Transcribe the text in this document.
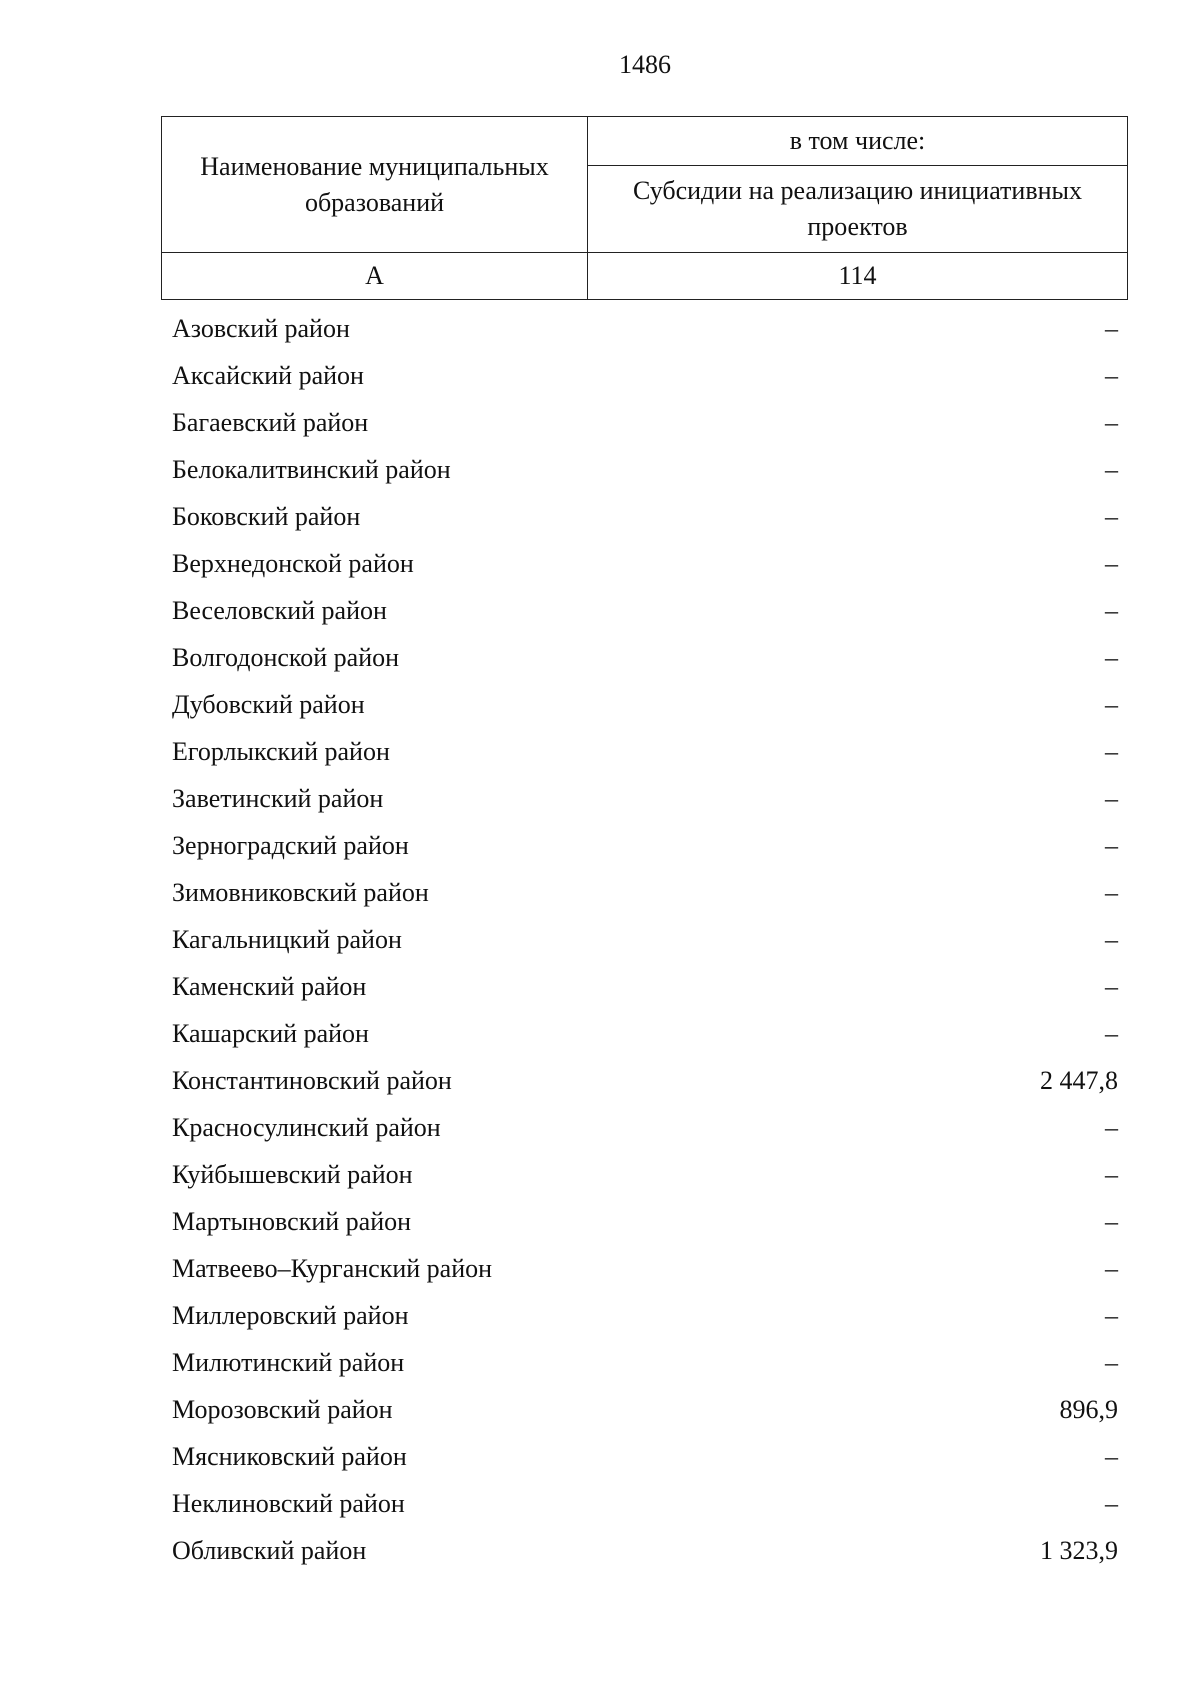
1486
Наименование муниципальных образований	в том числе:
	Субсидии на реализацию инициативных проектов
А	114
Азовский район	–
Аксайский район	–
Багаевский район	–
Белокалитвинский район	–
Боковский район	–
Верхнедонской район	–
Веселовский район	–
Волгодонской район	–
Дубовский район	–
Егорлыкский район	–
Заветинский район	–
Зерноградский район	–
Зимовниковский район	–
Кагальницкий район	–
Каменский район	–
Кашарский район	–
Константиновский район	2 447,8
Красносулинский район	–
Куйбышевский район	–
Мартыновский район	–
Матвеево–Курганский район	–
Миллеровский район	–
Милютинский район	–
Морозовский район	896,9
Мясниковский район	–
Неклиновский район	–
Обливский район	1 323,9
